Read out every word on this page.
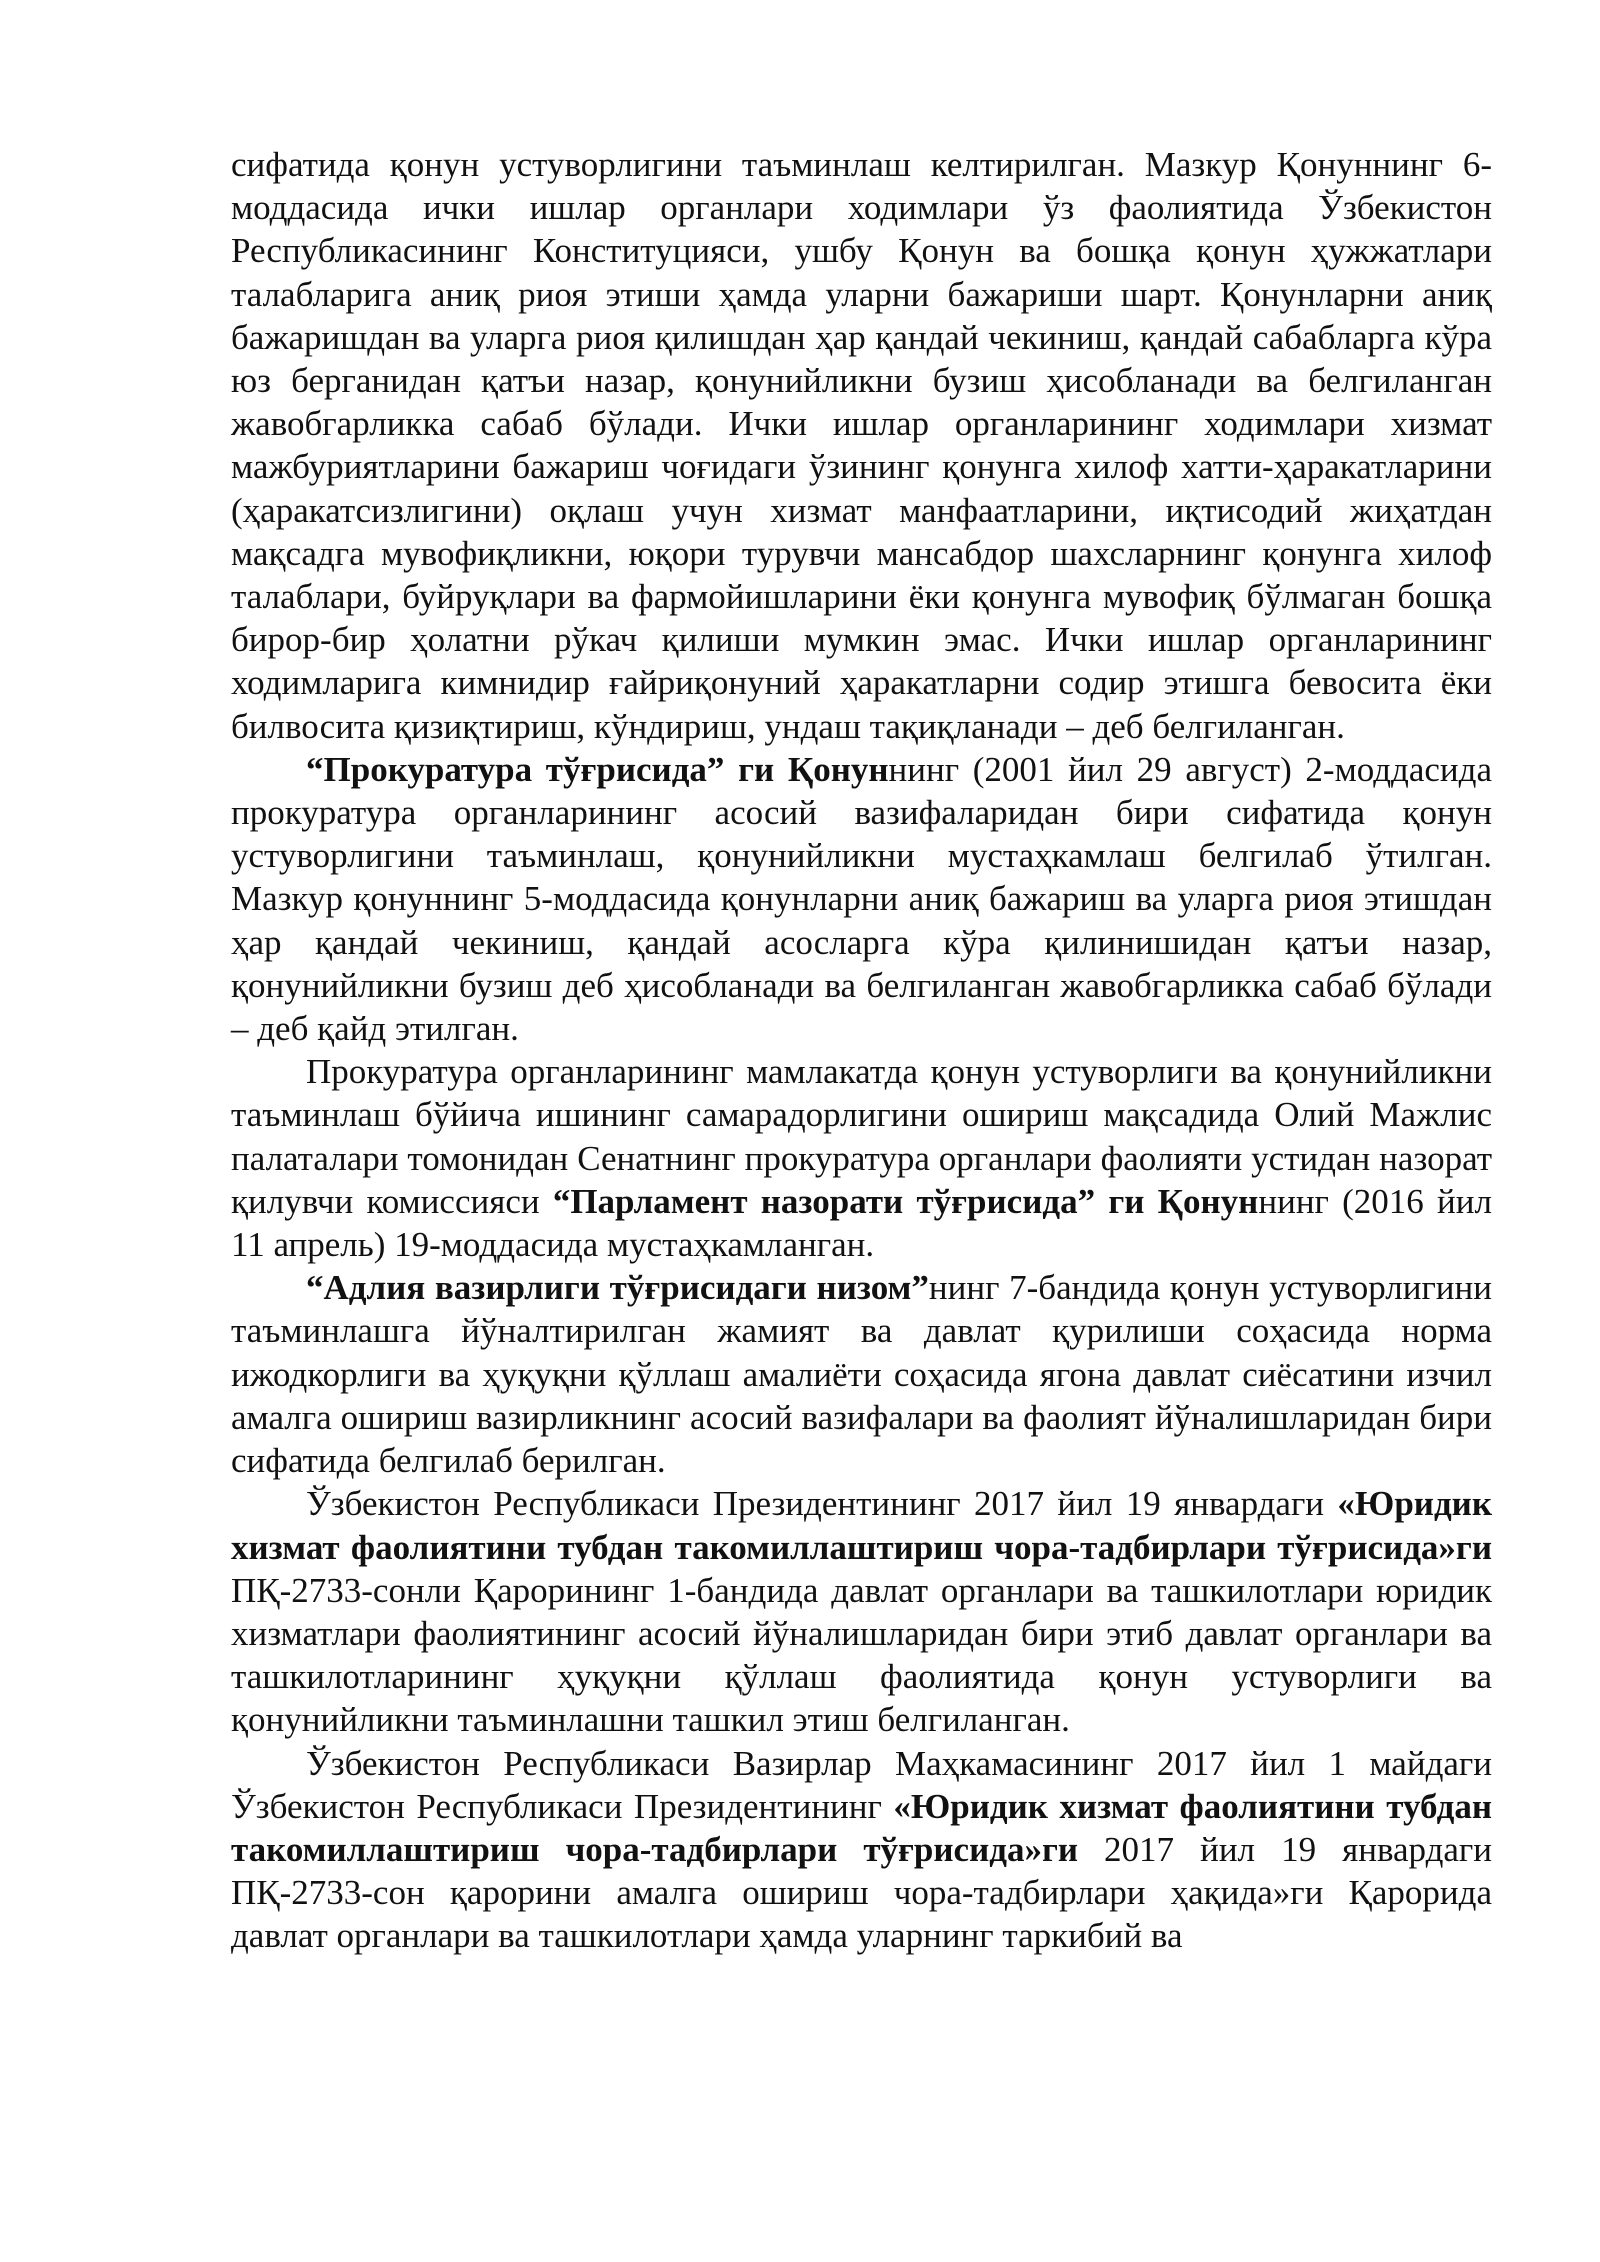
сифатида қонун устуворлигини таъминлаш келтирилган. Мазкур Қонуннинг 6-моддасида ички ишлар органлари ходимлари ўз фаолиятида Ўзбекистон Республикасининг Конституцияси, ушбу Қонун ва бошқа қонун ҳужжатлари талабларига аниқ риоя этиши ҳамда уларни бажариши шарт. Қонунларни аниқ бажаришдан ва уларга риоя қилишдан ҳар қандай чекиниш, қандай сабабларга кўра юз берганидан қатъи назар, қонунийликни бузиш ҳисобланади ва белгиланган жавобгарликка сабаб бўлади. Ички ишлар органларининг ходимлари хизмат мажбуриятларини бажариш чоғидаги ўзининг қонунга хилоф хатти-ҳаракатларини (ҳаракатсизлигини) оқлаш учун хизмат манфаатларини, иқтисодий жиҳатдан мақсадга мувофиқликни, юқори турувчи мансабдор шахсларнинг қонунга хилоф талаблари, буйруқлари ва фармойишларини ёки қонунга мувофиқ бўлмаган бошқа бирор-бир ҳолатни рўкач қилиши мумкин эмас. Ички ишлар органларининг ходимларига кимнидир ғайриқонуний ҳаракатларни содир этишга бевосита ёки билвосита қизиқтириш, кўндириш, ундаш тақиқланади – деб белгиланган.

“Прокуратура тўғрисида” ги Қонуннинг (2001 йил 29 август) 2-моддасида прокуратура органларининг асосий вазифаларидан бири сифатида қонун устуворлигини таъминлаш, қонунийликни мустаҳкамлаш белгилаб ўтилган. Мазкур қонуннинг 5-моддасида қонунларни аниқ бажариш ва уларга риоя этишдан ҳар қандай чекиниш, қандай асосларга кўра қилинишидан қатъи назар, қонунийликни бузиш деб ҳисобланади ва белгиланган жавобгарликка сабаб бўлади – деб қайд этилган.

Прокуратура органларининг мамлакатда қонун устуворлиги ва қонунийликни таъминлаш бўйича ишининг самарадорлигини ошириш мақсадида Олий Мажлис палаталари томонидан Сенатнинг прокуратура органлари фаолияти устидан назорат қилувчи комиссияси “Парламент назорати тўғрисида” ги Қонуннинг (2016 йил 11 апрель) 19-моддасида мустаҳкамланган.

“Адлия вазирлиги тўғрисидаги низом”нинг 7-бандида қонун устуворлигини таъминлашга йўналтирилган жамият ва давлат қурилиши соҳасида норма ижодкорлиги ва ҳуқуқни қўллаш амалиёти соҳасида ягона давлат сиёсатини изчил амалга ошириш вазирликнинг асосий вазифалари ва фаолият йўналишларидан бири сифатида белгилаб берилган.

Ўзбекистон Республикаси Президентининг 2017 йил 19 январдаги «Юридик хизмат фаолиятини тубдан такомиллаштириш чора-тадбирлари тўғрисида»ги ПҚ-2733-сонли Қарорининг 1-бандида давлат органлари ва ташкилотлари юридик хизматлари фаолиятининг асосий йўналишларидан бири этиб давлат органлари ва ташкилотларининг ҳуқуқни қўллаш фаолиятида қонун устуворлиги ва қонунийликни таъминлашни ташкил этиш белгиланган.

Ўзбекистон Республикаси Вазирлар Маҳкамасининг 2017 йил 1 майдаги Ўзбекистон Республикаси Президентининг «Юридик хизмат фаолиятини тубдан такомиллаштириш чора-тадбирлари тўғрисида»ги 2017 йил 19 январдаги ПҚ-2733-сон қарорини амалга ошириш чора-тадбирлари ҳақида»ги Қарорида давлат органлари ва ташкилотлари ҳамда уларнинг таркибий ва
